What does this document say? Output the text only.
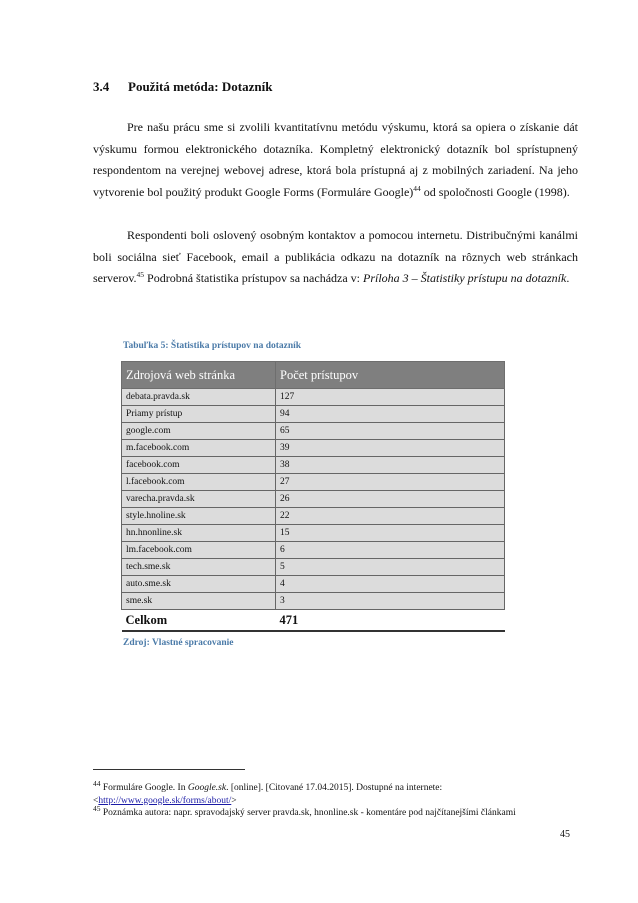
3.4 Použitá metóda: Dotazník

Pre našu prácu sme si zvolili kvantitatívnu metódu výskumu, ktorá sa opiera o získanie dát výskumu formou elektronického dotazníka. Kompletný elektronický dotazník bol sprístupnený respondentom na verejnej webovej adrese, ktorá bola prístupná aj z mobilných zariadení. Na jeho vytvorenie bol použitý produkt Google Forms (Formuláre Google)$^{44}$ od spoločnosti Google (1998).

Respondenti boli oslovený osobným kontaktov a pomocou internetu. Distribučnými kanálmi boli sociálna sieť Facebook, email a publikácia odkazu na dotazník na rôznych web stránkach serverov.$^{45}$ Podrobná štatistika prístupov sa nachádza v: Príloha 3 – Štatistiky prístupu na dotazník.

Tabuľka 5: Štatistika prístupov na dotazník
Zdrojová web stránka	Počet prístupov
debata.pravda.sk	127
Priamy prístup	94
google.com	65
m.facebook.com	39
facebook.com	38
l.facebook.com	27
varecha.pravda.sk	26
style.hnoline.sk	22
hn.hnonline.sk	15
lm.facebook.com	6
tech.sme.sk	5
auto.sme.sk	4
sme.sk	3
Celkom	471
Zdroj: Vlastné spracovanie

$^{44}$ Formuláre Google. In Google.sk. [online]. [Citované 17.04.2015]. Dostupné na internete:
<http://www.google.sk/forms/about/>

$^{45}$ Poznámka autora: napr. spravodajský server pravda.sk, hnonline.sk - komentáre pod najčítanejšími článkami

45
